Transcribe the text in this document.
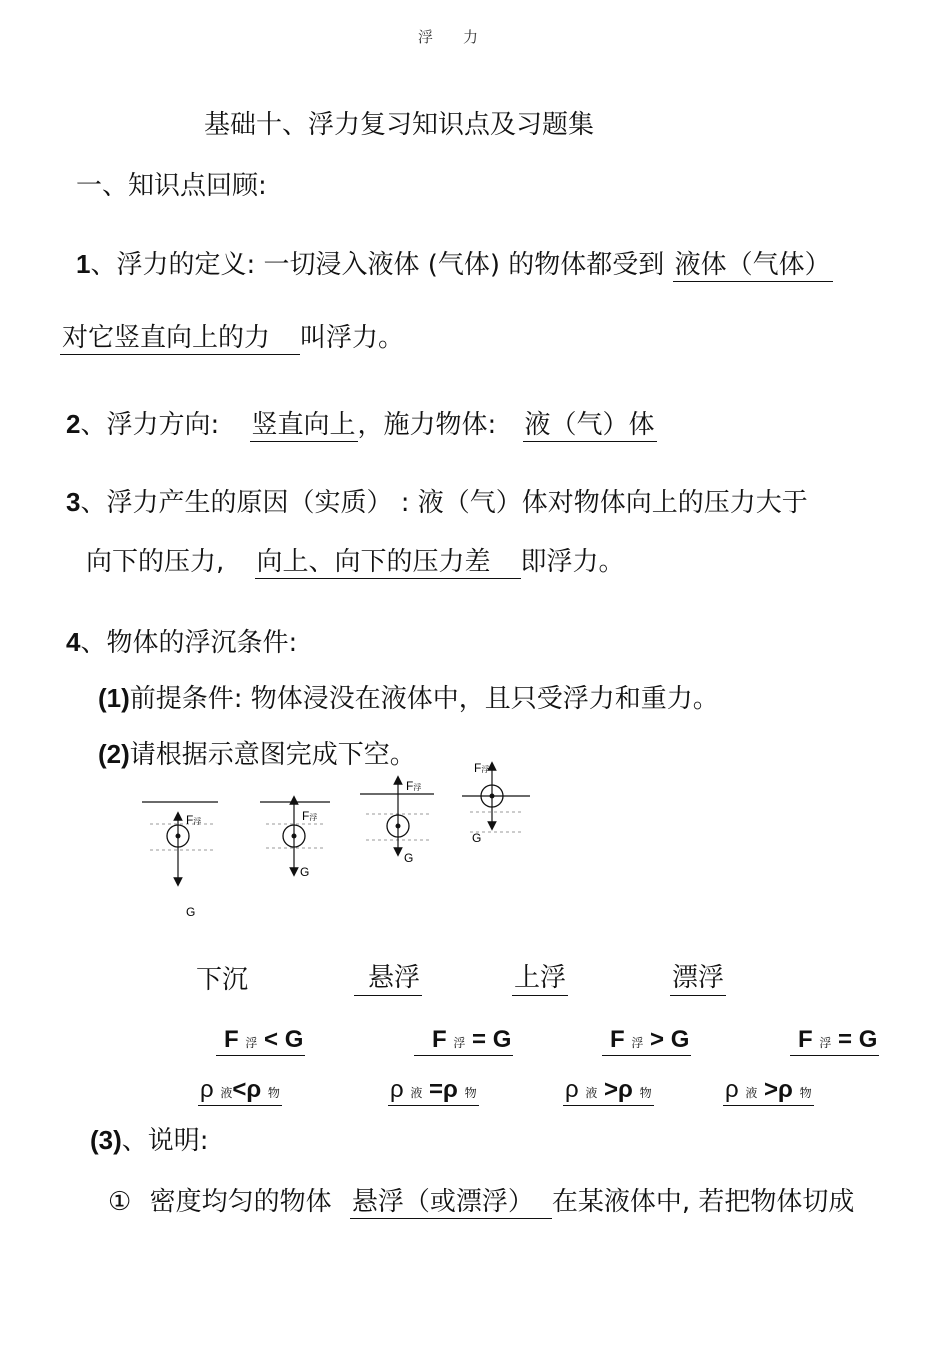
浮力
基础十、浮力复习知识点及习题集
一、知识点回顾:
1、浮力的定义: 一切浸入液体 (气体) 的物体都受到 液体（气体）
对它竖直向上的力 叫浮力。
2、浮力方向: 竖直向上，施力物体: 液（气）体
3、浮力产生的原因（实质） : 液（气）体对物体向上的压力大于
向下的压力, 向上、向下的压力差 即浮力。
4、物体的浮沉条件:
(1)前提条件: 物体浸没在液体中，且只受浮力和重力。
(2)请根据示意图完成下空。
F浮
G
F浮
G
F浮
G
F浮
G
下沉	悬浮	上浮	漂浮
F 浮 < G	F 浮 = G	F 浮 > G	F 浮 = G
ρ 液<ρ 物	ρ 液 =ρ 物	ρ 液 >ρ 物	ρ 液 >ρ 物
(3)、说明:
① 密度均匀的物体 悬浮（或漂浮） 在某液体中, 若把物体切成
